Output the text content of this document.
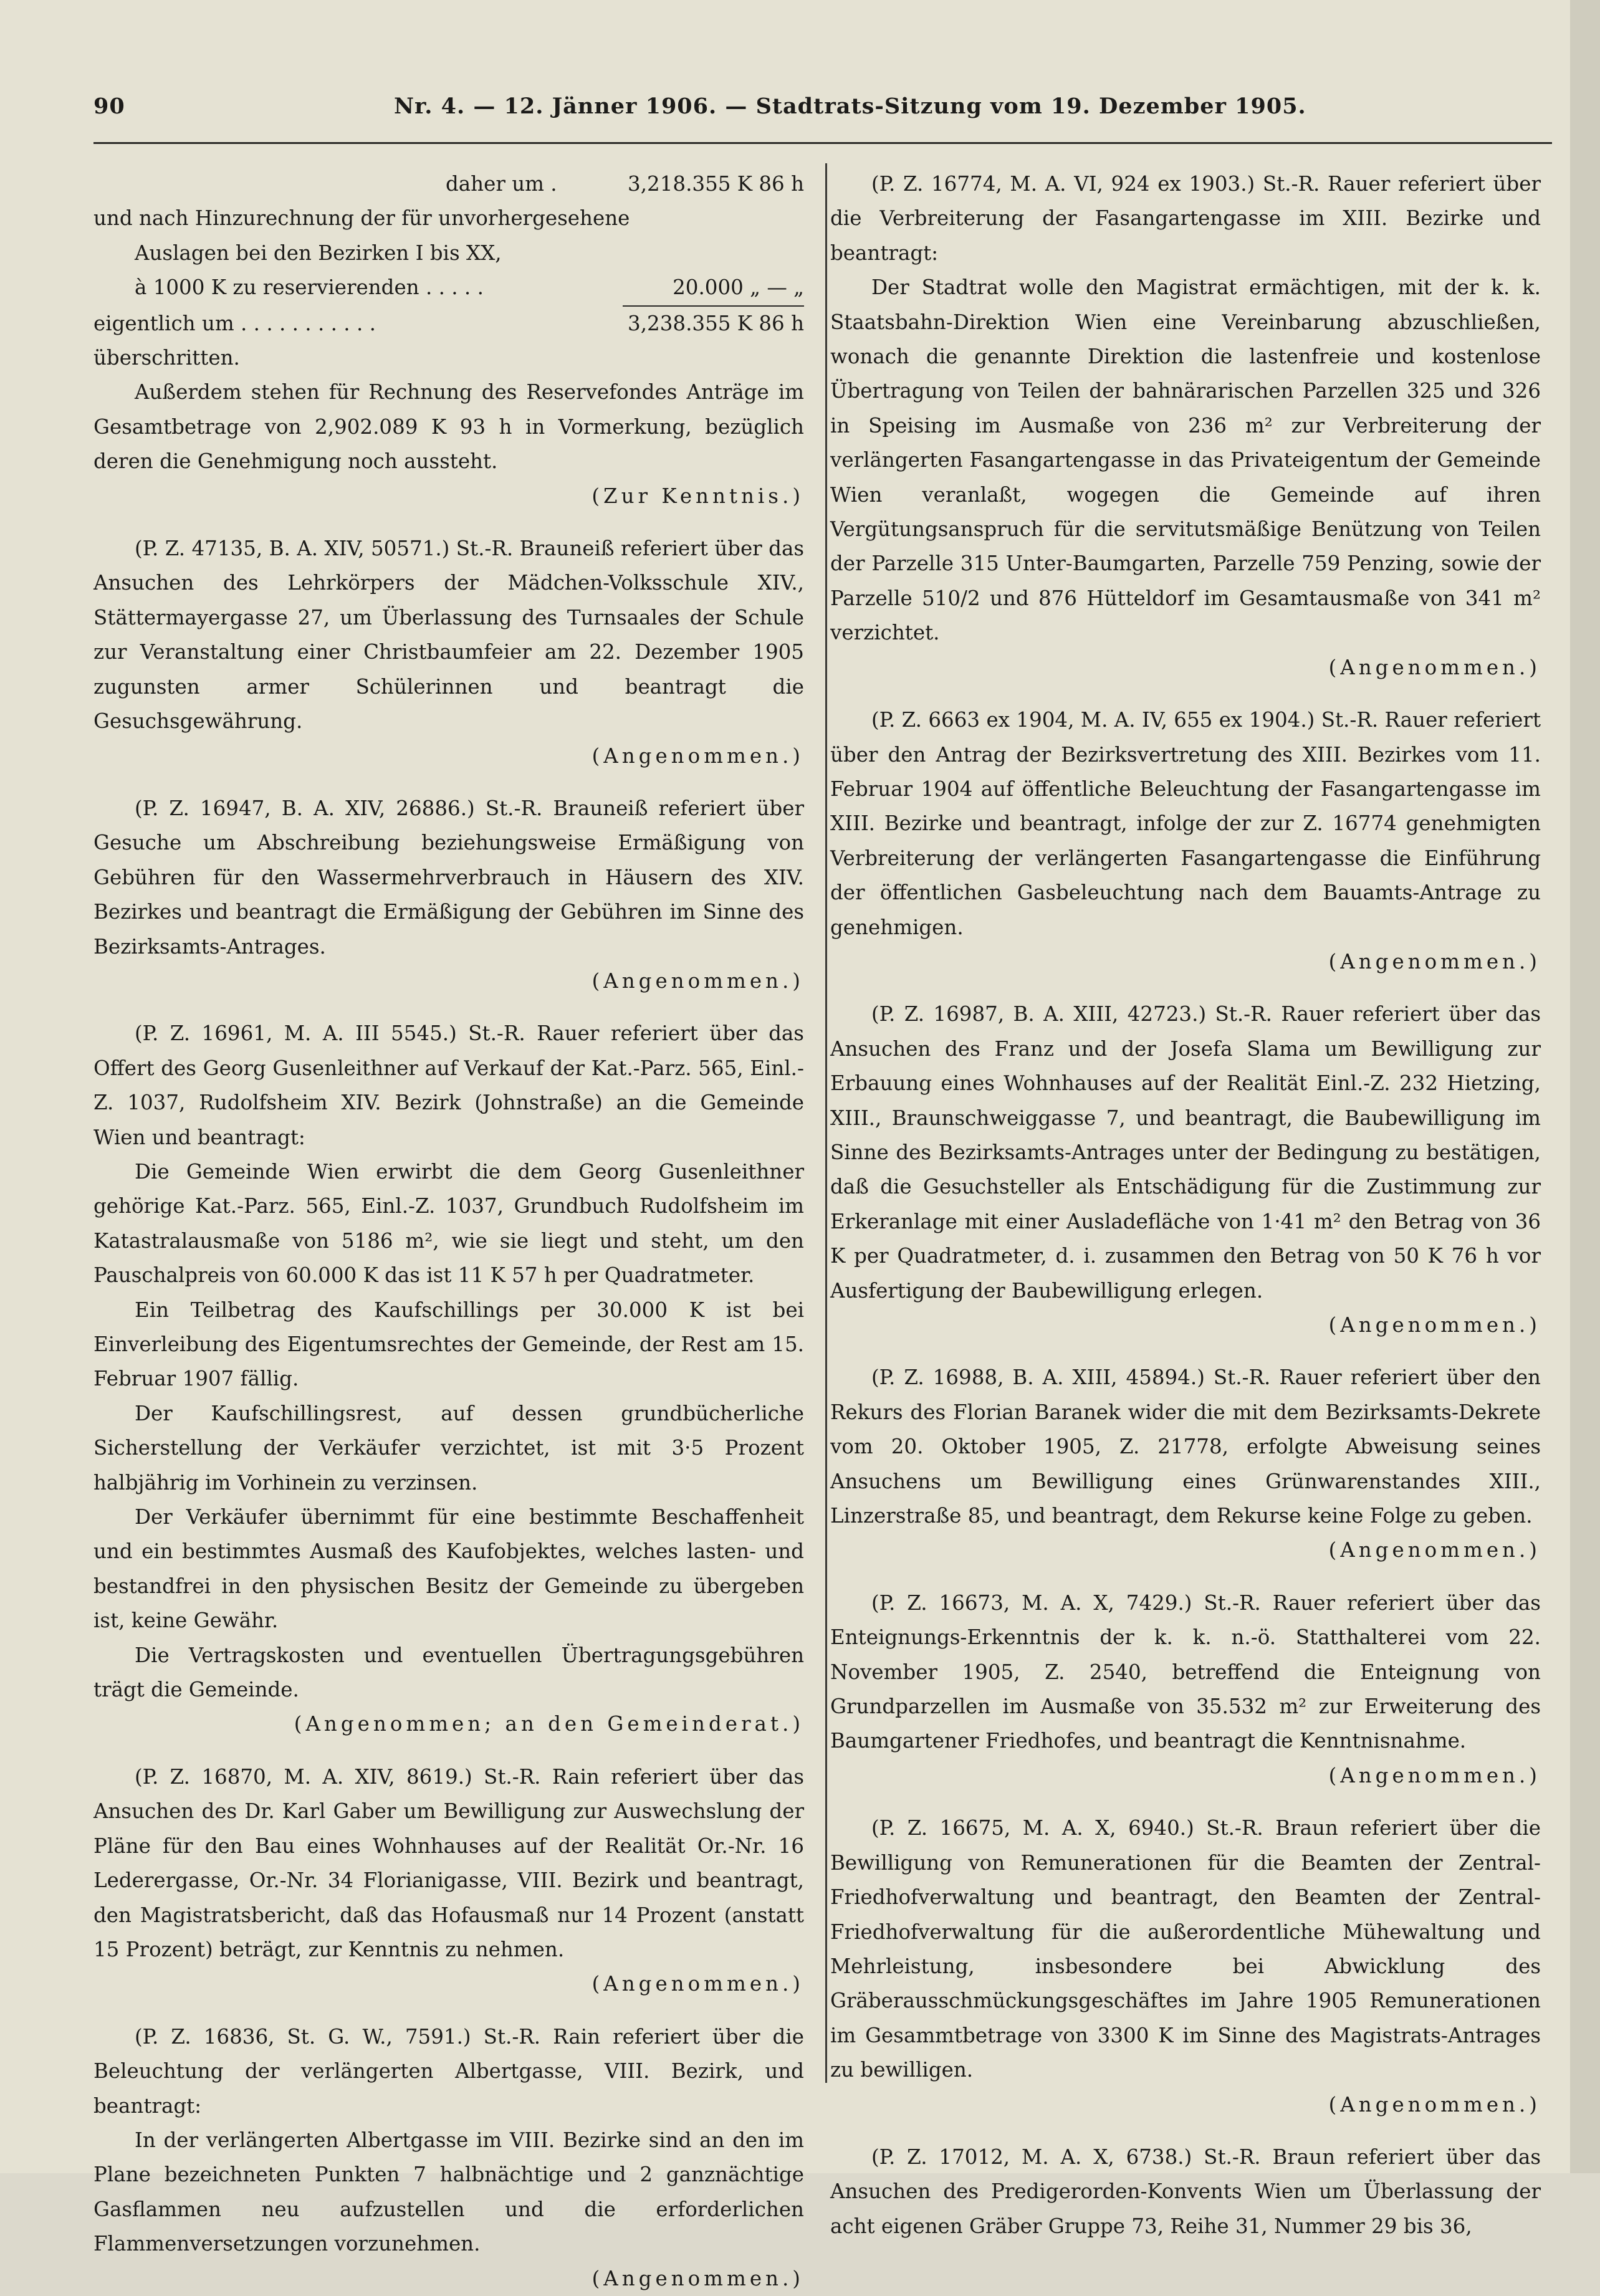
90	Nr. 4. — 12. Jänner 1906. — Stadtrats-Sitzung vom 19. Dezember 1905.
daher um .	3,218.355 K 86 h
und nach Hinzurechnung der für unvorhergesehene
Auslagen bei den Bezirken I bis XX,
à 1000 K zu reservierenden . . . . .	20.000 „ — „
eigentlich um . . . . . . . . . . .	3,238.355 K 86 h
überschritten.

Außerdem stehen für Rechnung des Reservefondes Anträge im Gesamtbetrage von 2,902.089 K 93 h in Vormerkung, bezüglich deren die Genehmigung noch aussteht.

(Zur Kenntnis.)

(P. Z. 47135, B. A. XIV, 50571.) St.-R. Brauneiß referiert über das Ansuchen des Lehrkörpers der Mädchen-Volksschule XIV., Stättermayergasse 27, um Überlassung des Turnsaales der Schule zur Veranstaltung einer Christbaumfeier am 22. Dezember 1905 zugunsten armer Schülerinnen und beantragt die Gesuchsgewährung.

(Angenommen.)

(P. Z. 16947, B. A. XIV, 26886.) St.-R. Brauneiß referiert über Gesuche um Abschreibung beziehungsweise Ermäßigung von Gebühren für den Wassermehrverbrauch in Häusern des XIV. Bezirkes und beantragt die Ermäßigung der Gebühren im Sinne des Bezirksamts-Antrages.

(Angenommen.)

(P. Z. 16961, M. A. III 5545.) St.-R. Rauer referiert über das Offert des Georg Gusenleithner auf Verkauf der Kat.-Parz. 565, Einl.-Z. 1037, Rudolfsheim XIV. Bezirk (Johnstraße) an die Gemeinde Wien und beantragt:

Die Gemeinde Wien erwirbt die dem Georg Gusenleithner gehörige Kat.-Parz. 565, Einl.-Z. 1037, Grundbuch Rudolfsheim im Katastralausmaße von 5186 m², wie sie liegt und steht, um den Pauschalpreis von 60.000 K das ist 11 K 57 h per Quadratmeter.

Ein Teilbetrag des Kaufschillings per 30.000 K ist bei Einverleibung des Eigentumsrechtes der Gemeinde, der Rest am 15. Februar 1907 fällig.

Der Kaufschillingsrest, auf dessen grundbücherliche Sicherstellung der Verkäufer verzichtet, ist mit 3·5 Prozent halbjährig im Vorhinein zu verzinsen.

Der Verkäufer übernimmt für eine bestimmte Beschaffenheit und ein bestimmtes Ausmaß des Kaufobjektes, welches lasten- und bestandfrei in den physischen Besitz der Gemeinde zu übergeben ist, keine Gewähr.

Die Vertragskosten und eventuellen Übertragungsgebühren trägt die Gemeinde.

(Angenommen; an den Gemeinderat.)

(P. Z. 16870, M. A. XIV, 8619.) St.-R. Rain referiert über das Ansuchen des Dr. Karl Gaber um Bewilligung zur Auswechslung der Pläne für den Bau eines Wohnhauses auf der Realität Or.-Nr. 16 Lederergasse, Or.-Nr. 34 Florianigasse, VIII. Bezirk und beantragt, den Magistratsbericht, daß das Hofausmaß nur 14 Prozent (anstatt 15 Prozent) beträgt, zur Kenntnis zu nehmen.

(Angenommen.)

(P. Z. 16836, St. G. W., 7591.) St.-R. Rain referiert über die Beleuchtung der verlängerten Albertgasse, VIII. Bezirk, und beantragt:

In der verlängerten Albertgasse im VIII. Bezirke sind an den im Plane bezeichneten Punkten 7 halbnächtige und 2 ganznächtige Gasflammen neu aufzustellen und die erforderlichen Flammenversetzungen vorzunehmen.

(Angenommen.)

(P. Z. 16774, M. A. VI, 924 ex 1903.) St.-R. Rauer referiert über die Verbreiterung der Fasangartengasse im XIII. Bezirke und beantragt:

Der Stadtrat wolle den Magistrat ermächtigen, mit der k. k. Staatsbahn-Direktion Wien eine Vereinbarung abzuschließen, wonach die genannte Direktion die lastenfreie und kostenlose Übertragung von Teilen der bahnärarischen Parzellen 325 und 326 in Speising im Ausmaße von 236 m² zur Verbreiterung der verlängerten Fasangartengasse in das Privateigentum der Gemeinde Wien veranlaßt, wogegen die Gemeinde auf ihren Vergütungsanspruch für die servitutsmäßige Benützung von Teilen der Parzelle 315 Unter-Baumgarten, Parzelle 759 Penzing, sowie der Parzelle 510/2 und 876 Hütteldorf im Gesamtausmaße von 341 m² verzichtet.

(Angenommen.)

(P. Z. 6663 ex 1904, M. A. IV, 655 ex 1904.) St.-R. Rauer referiert über den Antrag der Bezirksvertretung des XIII. Bezirkes vom 11. Februar 1904 auf öffentliche Beleuchtung der Fasangartengasse im XIII. Bezirke und beantragt, infolge der zur Z. 16774 genehmigten Verbreiterung der verlängerten Fasangartengasse die Einführung der öffentlichen Gasbeleuchtung nach dem Bauamts-Antrage zu genehmigen.

(Angenommen.)

(P. Z. 16987, B. A. XIII, 42723.) St.-R. Rauer referiert über das Ansuchen des Franz und der Josefa Slama um Bewilligung zur Erbauung eines Wohnhauses auf der Realität Einl.-Z. 232 Hietzing, XIII., Braunschweiggasse 7, und beantragt, die Baubewilligung im Sinne des Bezirksamts-Antrages unter der Bedingung zu bestätigen, daß die Gesuchsteller als Entschädigung für die Zustimmung zur Erkeranlage mit einer Ausladefläche von 1·41 m² den Betrag von 36 K per Quadratmeter, d. i. zusammen den Betrag von 50 K 76 h vor Ausfertigung der Baubewilligung erlegen.

(Angenommen.)

(P. Z. 16988, B. A. XIII, 45894.) St.-R. Rauer referiert über den Rekurs des Florian Baranek wider die mit dem Bezirksamts-Dekrete vom 20. Oktober 1905, Z. 21778, erfolgte Abweisung seines Ansuchens um Bewilligung eines Grünwarenstandes XIII., Linzerstraße 85, und beantragt, dem Rekurse keine Folge zu geben.

(Angenommen.)

(P. Z. 16673, M. A. X, 7429.) St.-R. Rauer referiert über das Enteignungs-Erkenntnis der k. k. n.-ö. Statthalterei vom 22. November 1905, Z. 2540, betreffend die Enteignung von Grundparzellen im Ausmaße von 35.532 m² zur Erweiterung des Baumgartener Friedhofes, und beantragt die Kenntnisnahme.

(Angenommen.)

(P. Z. 16675, M. A. X, 6940.) St.-R. Braun referiert über die Bewilligung von Remunerationen für die Beamten der Zentral-Friedhofverwaltung und beantragt, den Beamten der Zentral-Friedhofverwaltung für die außerordentliche Mühewaltung und Mehrleistung, insbesondere bei Abwicklung des Gräberausschmückungsgeschäftes im Jahre 1905 Remunerationen im Gesammtbetrage von 3300 K im Sinne des Magistrats-Antrages zu bewilligen.

(Angenommen.)

(P. Z. 17012, M. A. X, 6738.) St.-R. Braun referiert über das Ansuchen des Predigerorden-Konvents Wien um Überlassung der acht eigenen Gräber Gruppe 73, Reihe 31, Nummer 29 bis 36,
